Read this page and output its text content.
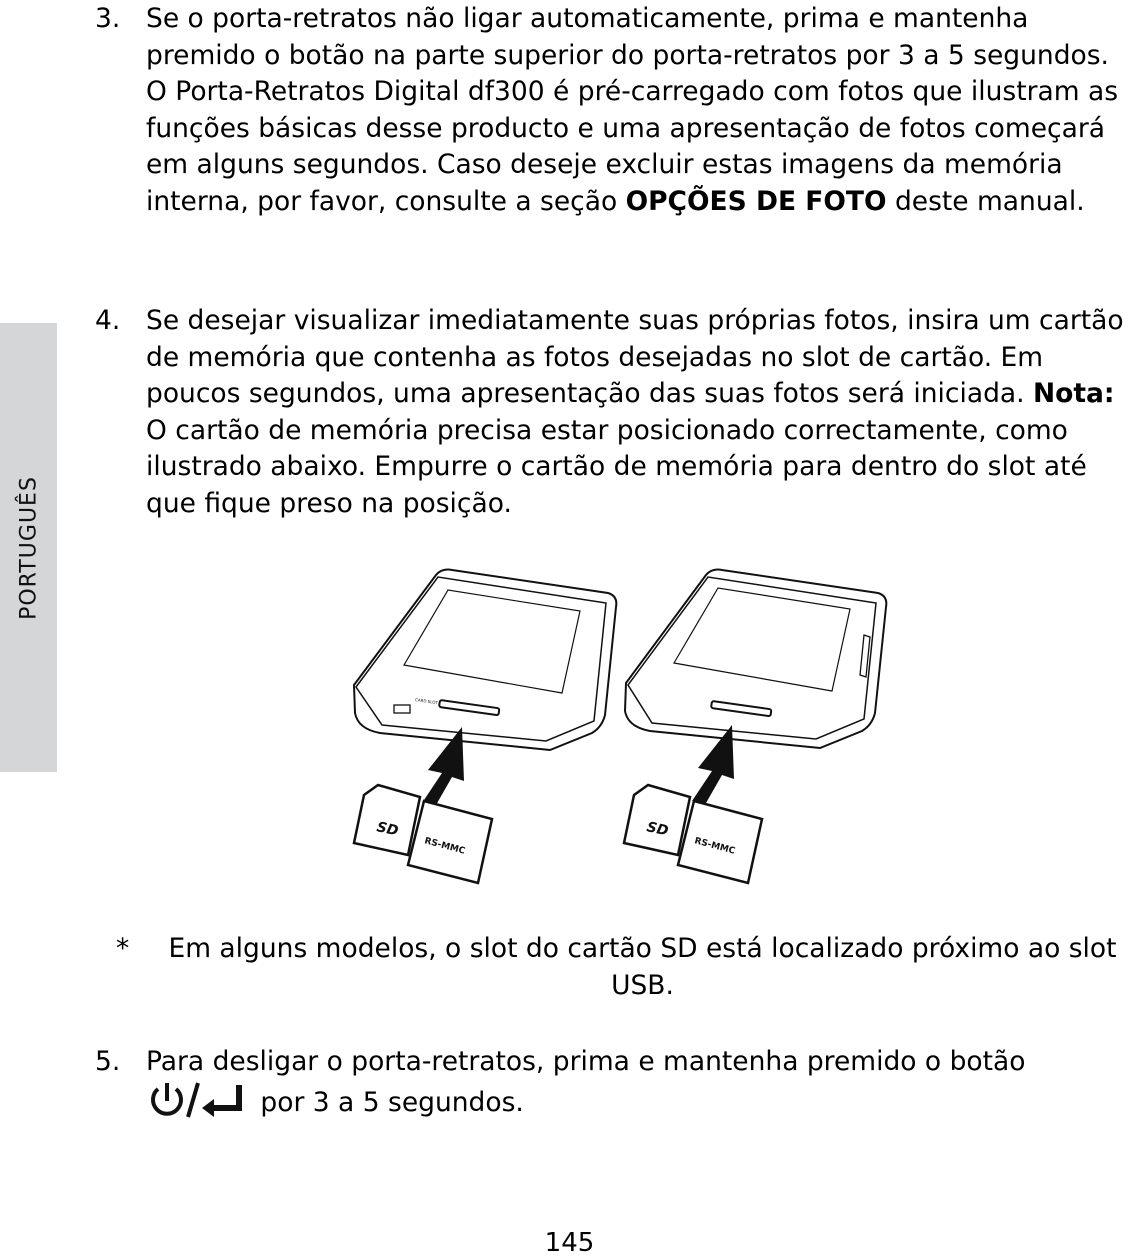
PORTUGUÊS
3. Se o porta-retratos não ligar automaticamente, prima e mantenha premido o botão na parte superior do porta-retratos por 3 a 5 segundos. O Porta-Retratos Digital df300 é pré-carregado com fotos que ilustram as funções básicas desse producto e uma apresentação de fotos começará em alguns segundos. Caso deseje excluir estas imagens da memória interna, por favor, consulte a seção OPÇÕES DE FOTO deste manual.
4. Se desejar visualizar imediatamente suas próprias fotos, insira um cartão de memória que contenha as fotos desejadas no slot de cartão. Em poucos segundos, uma apresentação das suas fotos será iniciada. Nota: O cartão de memória precisa estar posicionado correctamente, como ilustrado abaixo. Empurre o cartão de memória para dentro do slot até que fique preso na posição.
CARD SLOT
SD
RS-MMC
SD
RS-MMC
*	Em alguns modelos, o slot do cartão SD está localizado próximo ao slot USB.
5. Para desligar o porta-retratos, prima e mantenha premido o botão
por 3 a 5 segundos.
145
